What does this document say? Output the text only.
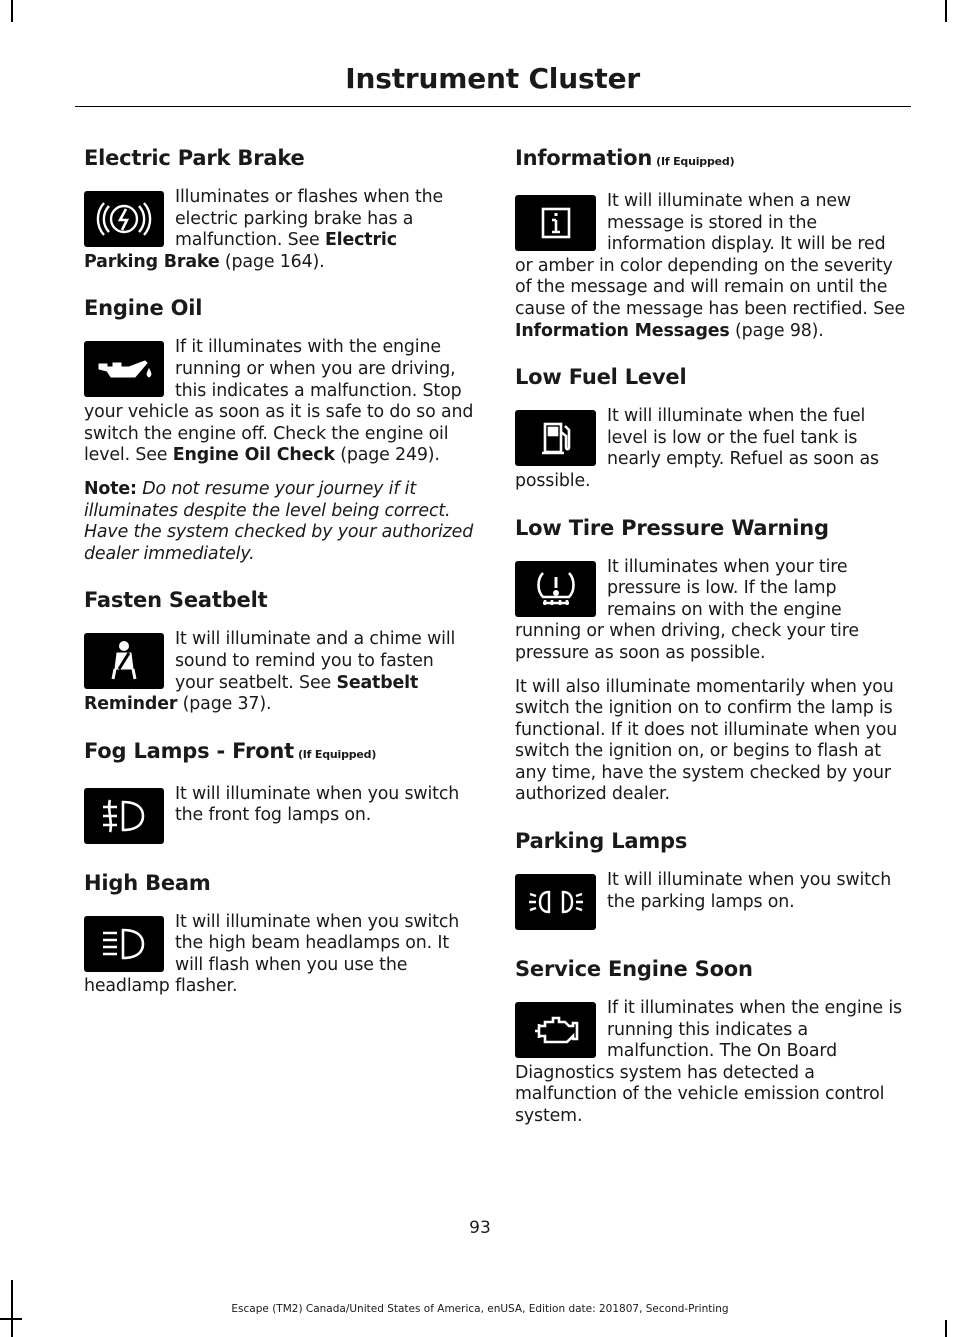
Instrument Cluster
Electric Park Brake

Illuminates or flashes when the electric parking brake has a malfunction. See Electric Parking Brake (page 164).

Engine Oil

If it illuminates with the engine running or when you are driving, this indicates a malfunction. Stop your vehicle as soon as it is safe to do so and switch the engine off. Check the engine oil level. See Engine Oil Check (page 249).

Note: Do not resume your journey if it illuminates despite the level being correct. Have the system checked by your authorized dealer immediately.

Fasten Seatbelt

It will illuminate and a chime will sound to remind you to fasten your seatbelt. See Seatbelt Reminder (page 37).

Fog Lamps - Front (If Equipped)

It will illuminate when you switch the front fog lamps on.

High Beam

It will illuminate when you switch the high beam headlamps on. It will flash when you use the headlamp flasher.

Information (If Equipped)

It will illuminate when a new message is stored in the information display. It will be red or amber in color depending on the severity of the message and will remain on until the cause of the message has been rectified. See Information Messages (page 98).

Low Fuel Level

It will illuminate when the fuel level is low or the fuel tank is nearly empty. Refuel as soon as possible.

Low Tire Pressure Warning

It illuminates when your tire pressure is low. If the lamp remains on with the engine running or when driving, check your tire pressure as soon as possible.

It will also illuminate momentarily when you switch the ignition on to confirm the lamp is functional. If it does not illuminate when you switch the ignition on, or begins to flash at any time, have the system checked by your authorized dealer.

Parking Lamps

It will illuminate when you switch the parking lamps on.

Service Engine Soon

If it illuminates when the engine is running this indicates a malfunction. The On Board Diagnostics system has detected a malfunction of the vehicle emission control system.

93
Escape (TM2) Canada/United States of America, enUSA, Edition date: 201807, Second-Printing
